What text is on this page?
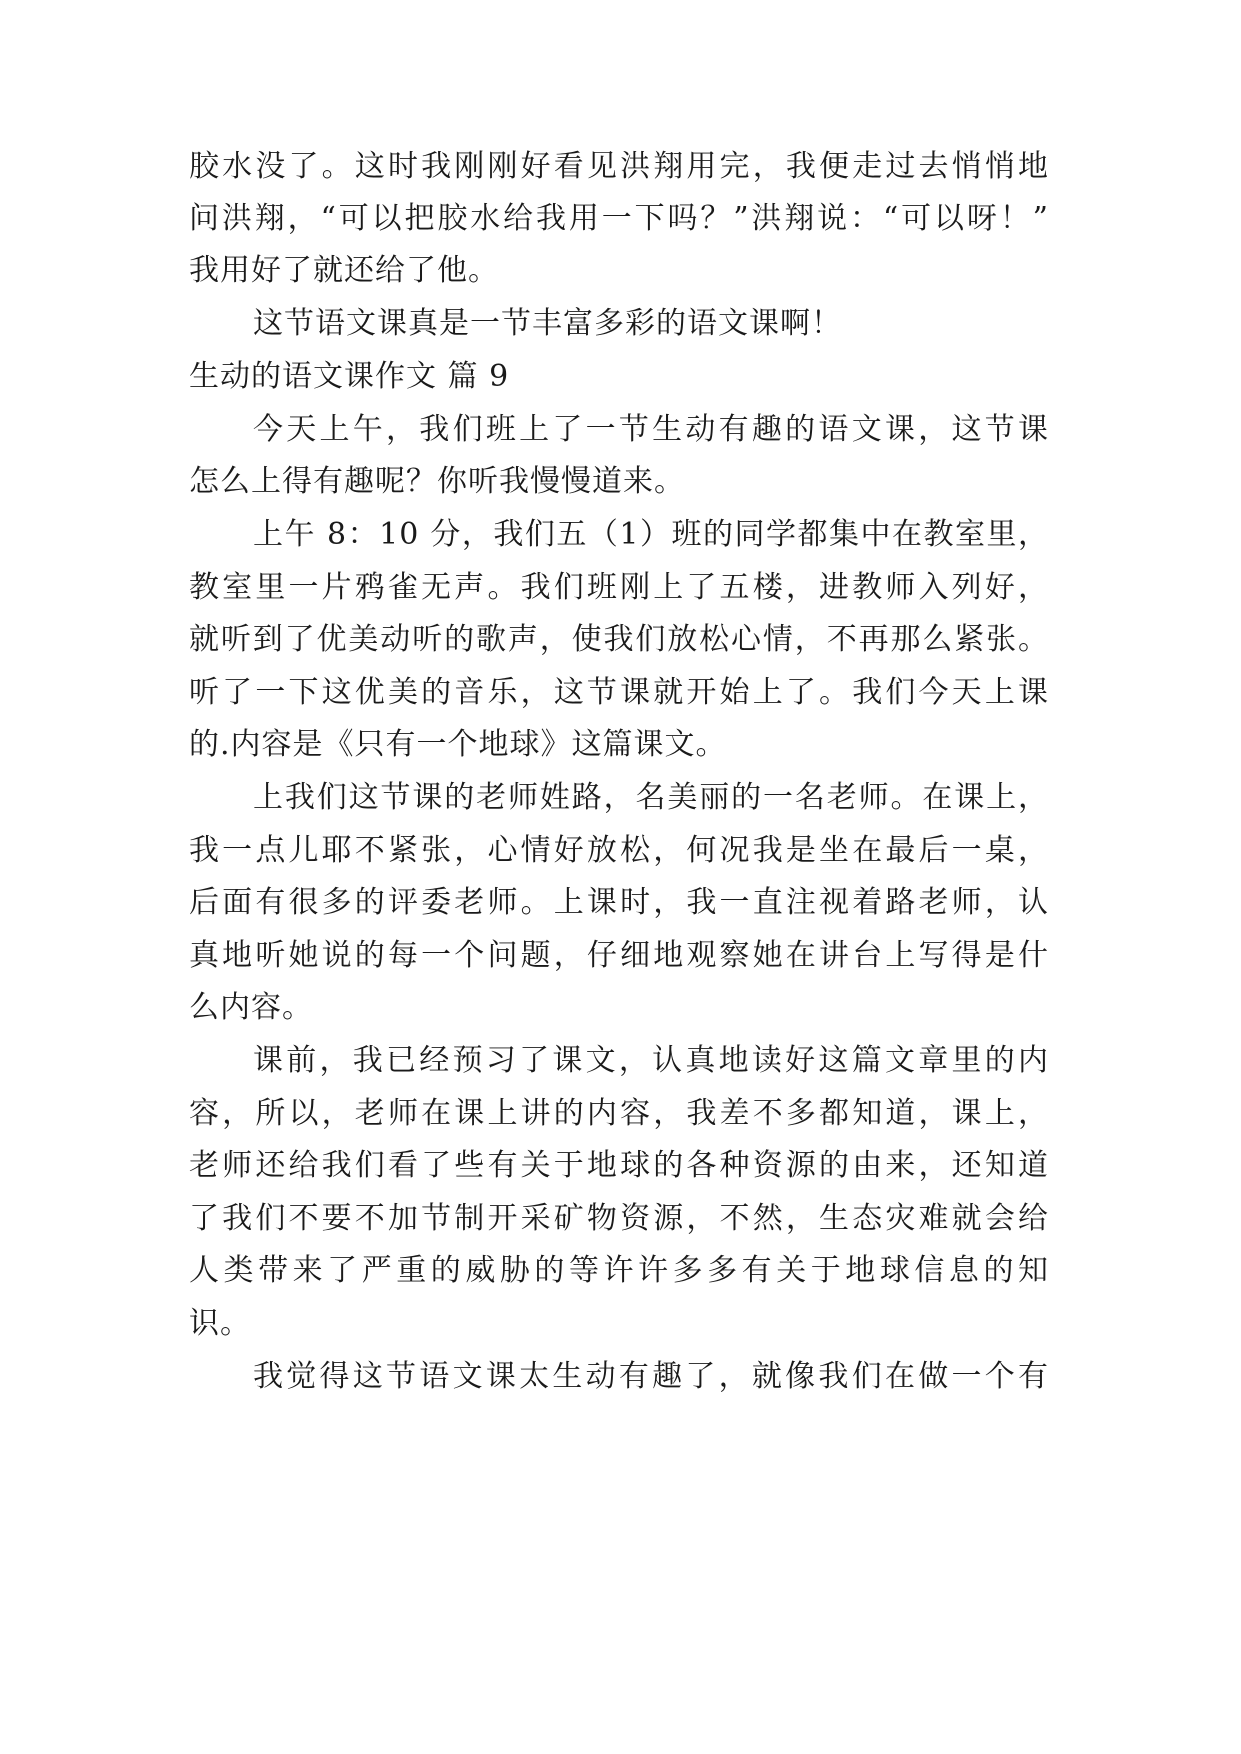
胶水没了。这时我刚刚好看见洪翔用完，我便走过去悄悄地
问洪翔，“可以把胶水给我用一下吗？”洪翔说：“可以呀！”
我用好了就还给了他。
这节语文课真是一节丰富多彩的语文课啊！
生动的语文课作文 篇 9
今天上午，我们班上了一节生动有趣的语文课，这节课
怎么上得有趣呢？你听我慢慢道来。
上午 8：10 分，我们五（1）班的同学都集中在教室里，
教室里一片鸦雀无声。我们班刚上了五楼，进教师入列好，
就听到了优美动听的歌声，使我们放松心情，不再那么紧张。
听了一下这优美的音乐，这节课就开始上了。我们今天上课
的.内容是《只有一个地球》这篇课文。
上我们这节课的老师姓路，名美丽的一名老师。在课上，
我一点儿耶不紧张，心情好放松，何况我是坐在最后一桌，
后面有很多的评委老师。上课时，我一直注视着路老师，认
真地听她说的每一个问题，仔细地观察她在讲台上写得是什
么内容。
课前，我已经预习了课文，认真地读好这篇文章里的内
容，所以，老师在课上讲的内容，我差不多都知道，课上，
老师还给我们看了些有关于地球的各种资源的由来，还知道
了我们不要不加节制开采矿物资源，不然，生态灾难就会给
人类带来了严重的威胁的等许许多多有关于地球信息的知
识。
我觉得这节语文课太生动有趣了，就像我们在做一个有
